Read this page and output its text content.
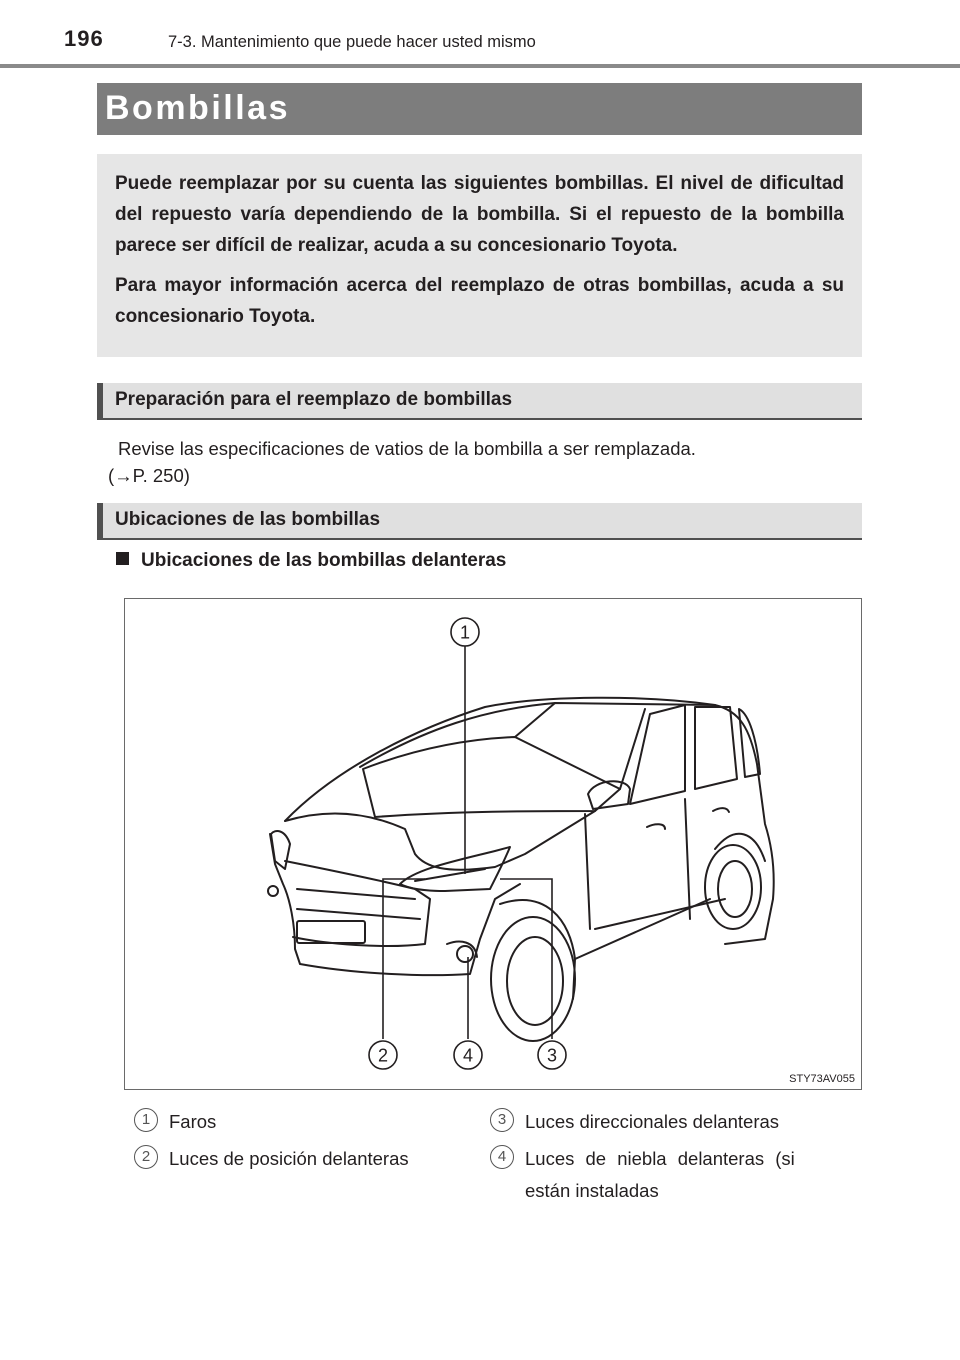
196	7-3. Mantenimiento que puede hacer usted mismo
Bombillas

Puede reemplazar por su cuenta las siguientes bombillas. El nivel de dificultad del repuesto varía dependiendo de la bombilla. Si el repuesto de la bombilla parece ser difícil de realizar, acuda a su concesionario Toyota.

Para mayor información acerca del reemplazo de otras bombillas, acuda a su concesionario Toyota.

Preparación para el reemplazo de bombillas
Revise las especificaciones de vatios de la bombilla a ser remplazada.
(→P. 250)
Ubicaciones de las bombillas
Ubicaciones de las bombillas delanteras
1
2	4	3
STY73AV055
1	Faros
2	Luces de posición delanteras
3	Luces direccionales delanteras
4	Luces de niebla delanteras (si
están instaladas
